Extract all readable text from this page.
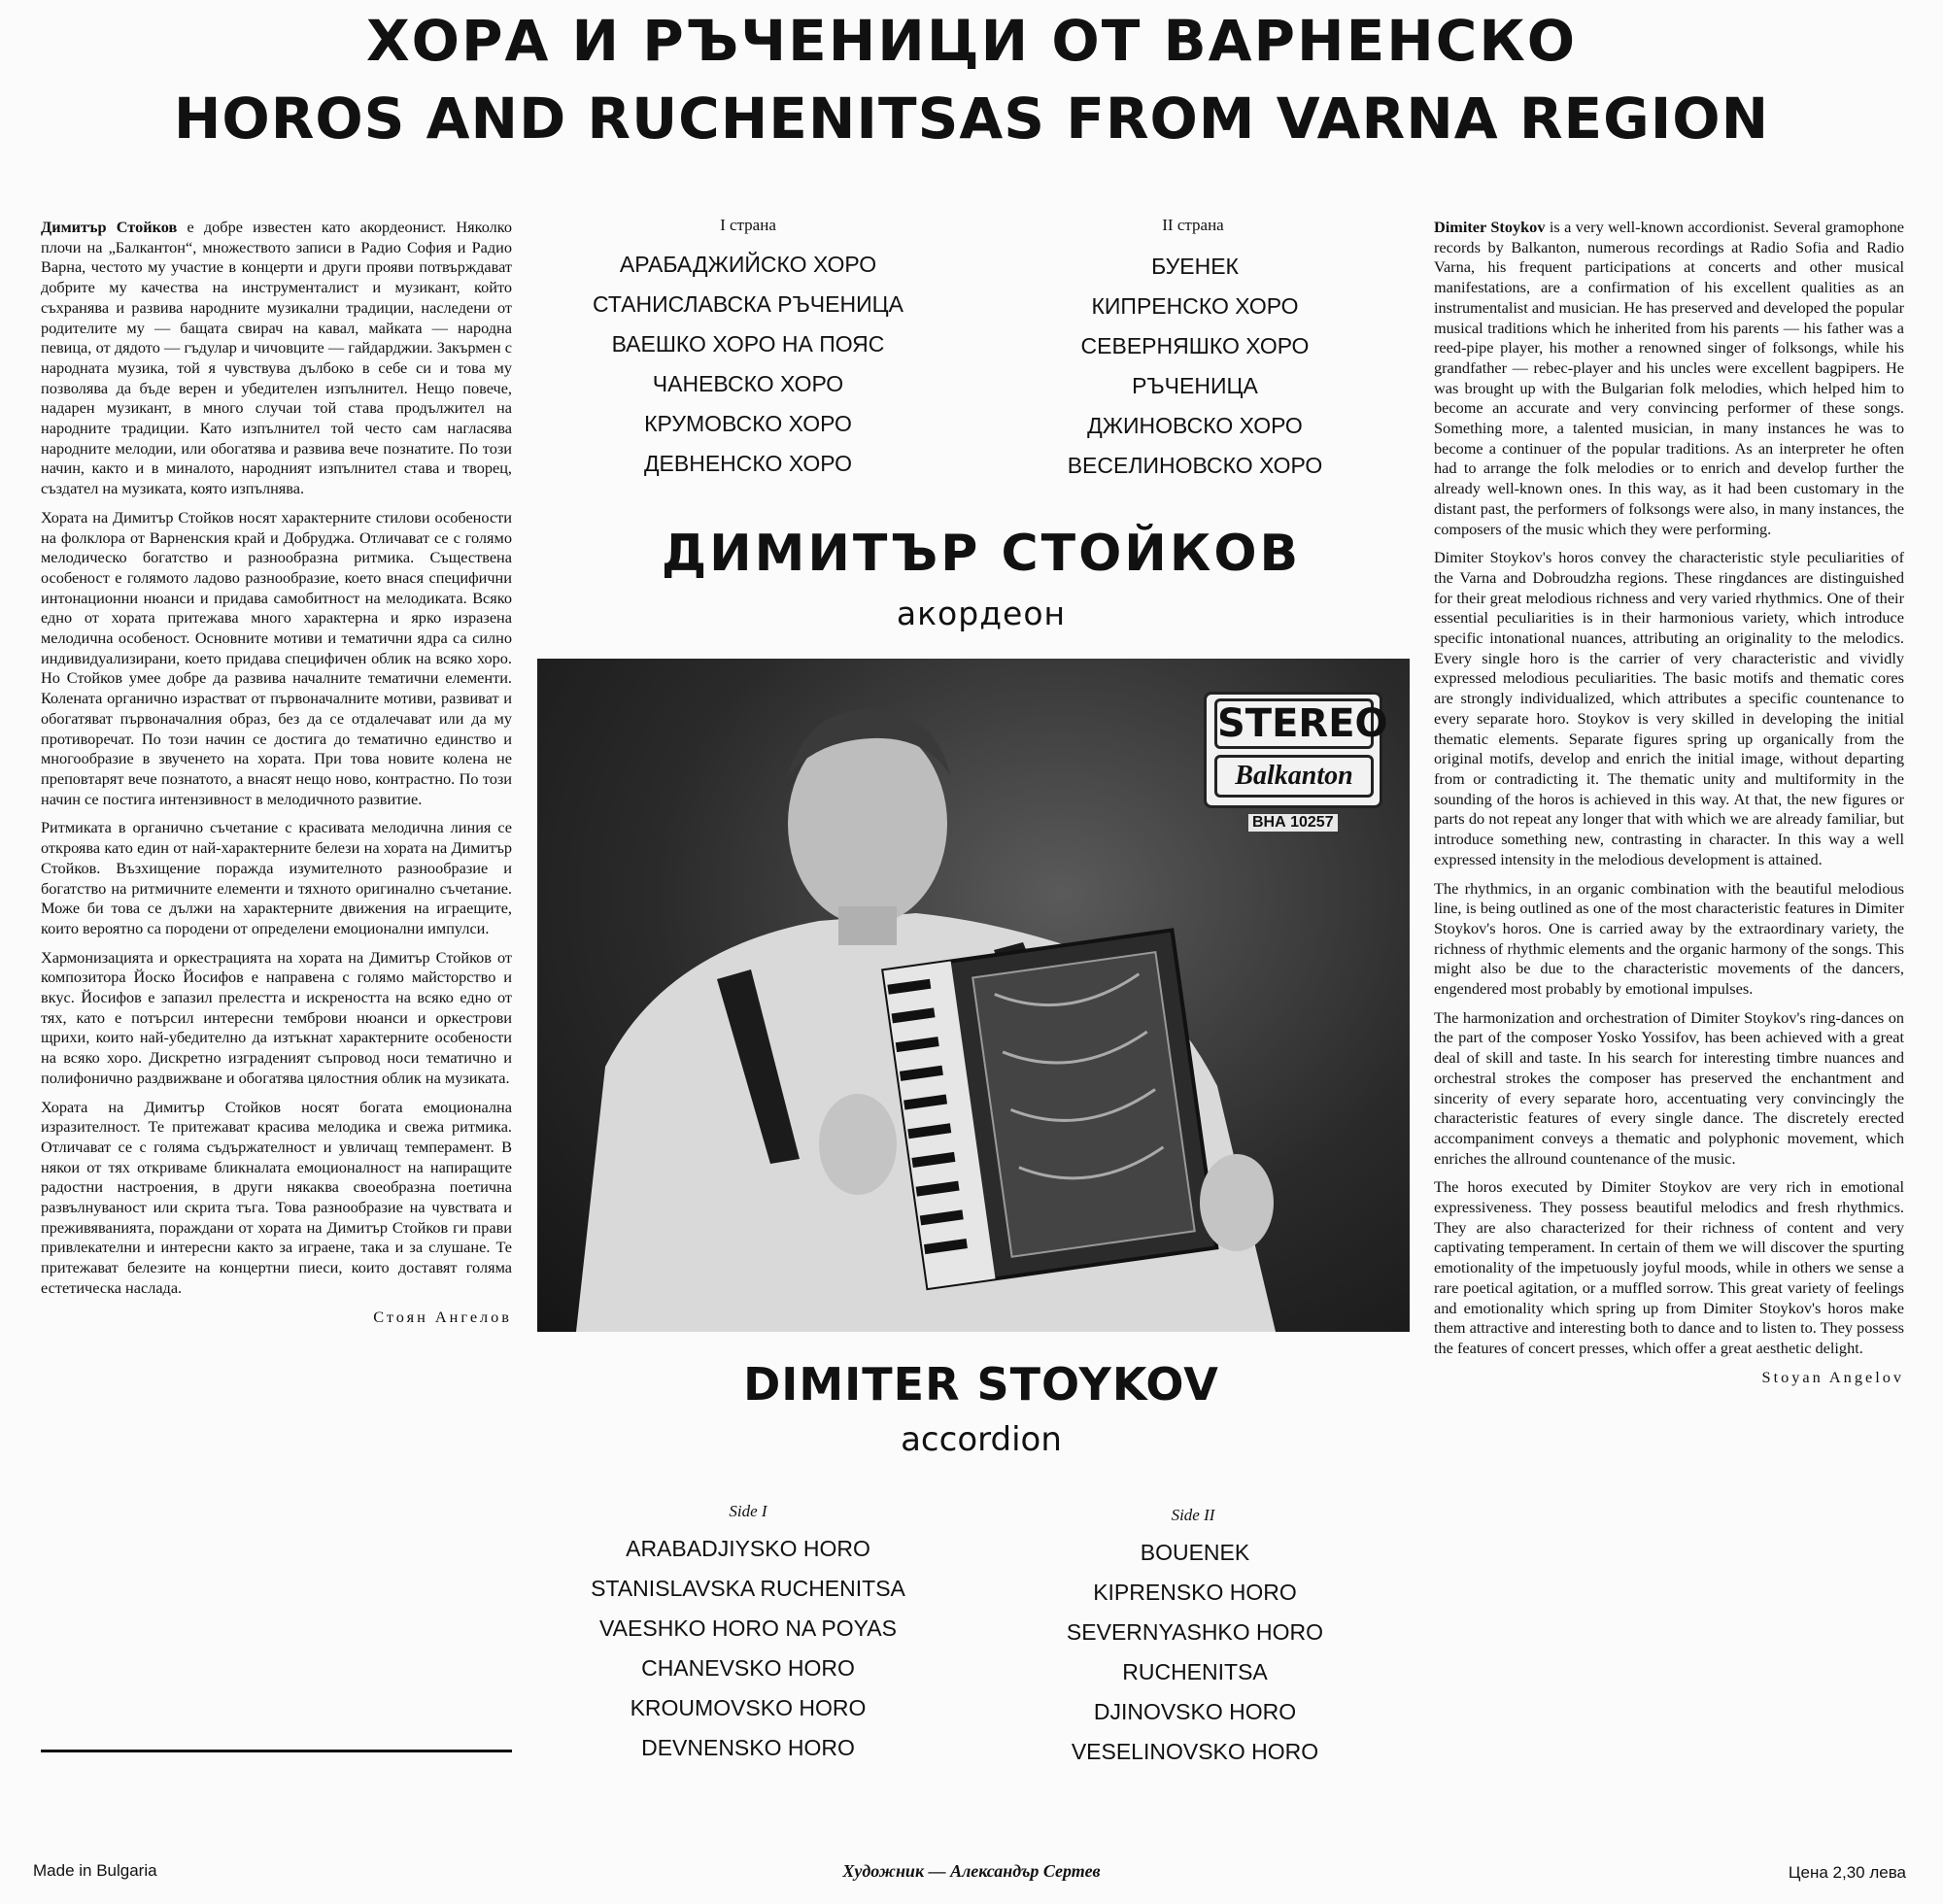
ХОРА И РЪЧЕНИЦИ ОТ ВАРНЕНСКО
HOROS AND RUCHENITSAS FROM VARNA REGION

Димитър Стойков е добре известен като акордеонист. Няколко плочи на „Балкантон“, множеството записи в Радио София и Радио Варна, честото му участие в концерти и други прояви потвърждават добрите му качества на инструменталист и музикант, който съхранява и развива народните музикални традиции, наследени от родителите му — бащата свирач на кавал, майката — народна певица, от дядото — гъдулар и чичовците — гайдарджии. Закърмен с народната музика, той я чувствува дълбоко в себе си и това му позволява да бъде верен и убедителен изпълнител. Нещо повече, надарен музикант, в много случаи той става продължител на народните традиции. Като изпълнител той често сам нагласява народните мелодии, или обогатява и развива вече познатите. По този начин, както и в миналото, народният изпълнител става и творец, създател на музиката, която изпълнява.

Хората на Димитър Стойков носят характерните стилови особености на фолклора от Варненския край и Добруджа. Отличават се с голямо мелодическо богатство и разнообразна ритмика. Съществена особеност е голямото ладово разнообразие, което внася специфични интонационни нюанси и придава самобитност на мелодиката. Всяко едно от хората притежава много характерна и ярко изразена мелодична особеност. Основните мотиви и тематични ядра са силно индивидуализирани, което придава специфичен облик на всяко хоро. Но Стойков умее добре да развива началните тематични елементи. Колената органично израстват от първоначалните мотиви, развиват и обогатяват първоначалния образ, без да се отдалечават или да му противоречат. По този начин се достига до тематично единство и многообразие в звученето на хората. При това новите колена не преповтарят вече познатото, а внасят нещо ново, контрастно. По този начин се постига интензивност в мелодичното развитие.

Ритмиката в органично съчетание с красивата мелодична линия се откроява като един от най-характерните белези на хората на Димитър Стойков. Възхищение поражда изумителното разнообразие и богатство на ритмичните елементи и тяхното оригинално съчетание. Може би това се дължи на характерните движения на играещите, които вероятно са породени от определени емоционални импулси.

Хармонизацията и оркестрацията на хората на Димитър Стойков от композитора Йоско Йосифов е направена с голямо майсторство и вкус. Йосифов е запазил прелестта и искреността на всяко едно от тях, като е потърсил интересни темброви нюанси и оркестрови щрихи, които най-убедително да изтъкнат характерните особености на всяко хоро. Дискретно изграденият съпровод носи тематично и полифонично раздвижване и обогатява цялостния облик на музиката.

Хората на Димитър Стойков носят богата емоционална изразителност. Те притежават красива мелодика и свежа ритмика. Отличават се с голяма съдържателност и увличащ темперамент. В някои от тях откриваме бликналата емоционалност на напиращите радостни настроения, в други някаква своеобразна поетична развълнуваност или скрита тъга. Това разнообразие на чувствата и преживяванията, пораждани от хората на Димитър Стойков ги прави привлекателни и интересни както за играене, така и за слушане. Те притежават белезите на концертни пиеси, които доставят голяма естетическа наслада.

Стоян Ангелов
I страна	II страна
АРАБАДЖИЙСКО ХОРО
СТАНИСЛАВСКА РЪЧЕНИЦА
ВАЕШКО ХОРО НА ПОЯС
ЧАНЕВСКО ХОРО
КРУМОВСКО ХОРО
ДЕВНЕНСКО ХОРО
БУЕНЕК
КИПРЕНСКО ХОРО
СЕВЕРНЯШКО ХОРО
РЪЧЕНИЦА
ДЖИНОВСКО ХОРО
ВЕСЕЛИНОВСКО ХОРО
ДИМИТЪР СТОЙКОВ
акордеон
STEREO
Balkanton
ВНА 10257
DIMITER STOYKOV
accordion
Side I	Side II
ARABADJIYSKO HORO
STANISLAVSKA RUCHENITSA
VAESHKO HORO NA POYAS
CHANEVSKO HORO
KROUMOVSKO HORO
DEVNENSKO HORO
BOUENEK
KIPRENSKO HORO
SEVERNYASHKO HORO
RUCHENITSA
DJINOVSKO HORO
VESELINOVSKO HORO

Dimiter Stoykov is a very well-known accordionist. Several gramophone records by Balkanton, numerous recordings at Radio Sofia and Radio Varna, his frequent participations at concerts and other musical manifestations, are a confirmation of his excellent qualities as an instrumentalist and musician. He has preserved and developed the popular musical traditions which he inherited from his parents — his father was a reed-pipe player, his mother a renowned singer of folksongs, while his grandfather — rebec-player and his uncles were excellent bagpipers. He was brought up with the Bulgarian folk melodies, which helped him to become an accurate and very convincing performer of these songs. Something more, a talented musician, in many instances he was to become a continuer of the popular traditions. As an interpreter he often had to arrange the folk melodies or to enrich and develop further the already well-known ones. In this way, as it had been customary in the distant past, the performers of folksongs were also, in many instances, the composers of the music which they were performing.

Dimiter Stoykov's horos convey the characteristic style peculiarities of the Varna and Dobroudzha regions. These ringdances are distinguished for their great melodious richness and very varied rhythmics. One of their essential peculiarities is in their harmonious variety, which introduce specific intonational nuances, attributing an originality to the melodics. Every single horo is the carrier of very characteristic and vividly expressed melodious peculiarities. The basic motifs and thematic cores are strongly individualized, which attributes a specific countenance to every separate horo. Stoykov is very skilled in developing the initial thematic elements. Separate figures spring up organically from the original motifs, develop and enrich the initial image, without departing from or contradicting it. The thematic unity and multiformity in the sounding of the horos is achieved in this way. At that, the new figures or parts do not repeat any longer that with which we are already familiar, but introduce something new, contrasting in character. In this way a well expressed intensity in the melodious development is attained.

The rhythmics, in an organic combination with the beautiful melodious line, is being outlined as one of the most characteristic features in Dimiter Stoykov's horos. One is carried away by the extraordinary variety, the richness of rhythmic elements and the organic harmony of the songs. This might also be due to the characteristic movements of the dancers, engendered most probably by emotional impulses.

The harmonization and orchestration of Dimiter Stoykov's ring-dances on the part of the composer Yosko Yossifov, has been achieved with a great deal of skill and taste. In his search for interesting timbre nuances and orchestral strokes the composer has preserved the enchantment and sincerity of every separate horo, accentuating very convincingly the characteristic features of every single dance. The discretely erected accompaniment conveys a thematic and polyphonic movement, which enriches the allround countenance of the music.

The horos executed by Dimiter Stoykov are very rich in emotional expressiveness. They possess beautiful melodics and fresh rhythmics. They are also characterized for their richness of content and very captivating temperament. In certain of them we will discover the spurting emotionality of the impetuously joyful moods, while in others we sense a rare poetical agitation, or a muffled sorrow. This great variety of feelings and emotionality which spring up from Dimiter Stoykov's horos make them attractive and interesting both to dance and to listen to. They possess the features of concert presses, which offer a great aesthetic delight.

Stoyan Angelov
Made in Bulgaria	Художник — Александър Сертев	Цена 2,30 лева
